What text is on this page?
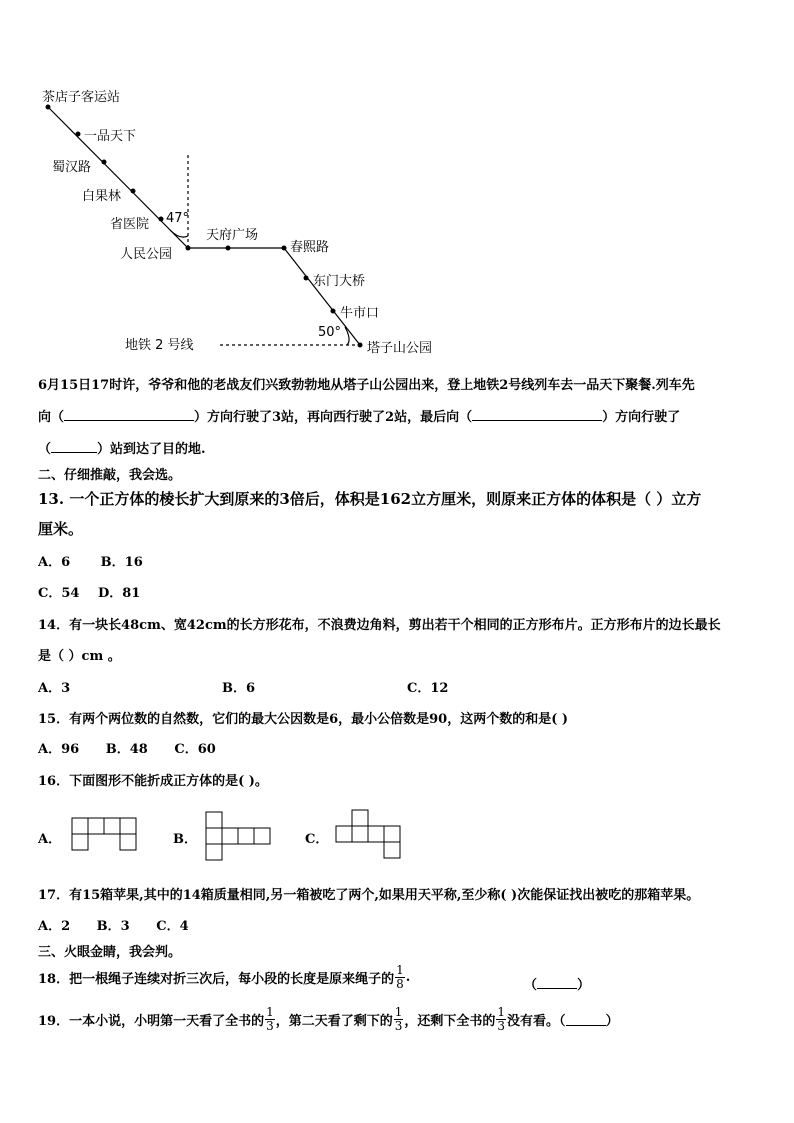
茶店子客运站
一品天下
蜀汉路
白果林
省医院 47°
人民公园
天府广场
春熙路
东门大桥
牛市口
50°
塔子山公园
地铁 2 号线
6月15日17时许，爷爷和他的老战友们兴致勃勃地从塔子山公园出来，登上地铁2号线列车去一品天下聚餐.列车先
向（	）方向行驶了3站，再向西行驶了2站，最后向（	）方向行驶了
（	）站到达了目的地.
二、仔细推敲，我会选。
13. 一个正方体的棱长扩大到原来的3倍后，体积是162立方厘米，则原来正方体的体积是（ ）立方
厘米。
A．6 B．16
C．54 D．81
14．有一块长48cm、宽42cm的长方形花布，不浪费边角料，剪出若干个相同的正方形布片。正方形布片的边长最长
是（ ）cm 。
A．3	B．6	C．12
15．有两个两位数的自然数，它们的最大公因数是6，最小公倍数是90，这两个数的和是( )
A．96 B．48 C．60
16．下面图形不能折成正方体的是( )。
A．	B．	C．
17．有15箱苹果,其中的14箱质量相同,另一箱被吃了两个,如果用天平称,至少称( )次能保证找出被吃的那箱苹果。
A．2 B．3 C．4
三、火眼金睛，我会判。
18．把一根绳子连续对折三次后，每小段的长度是原来绳子的 $\frac{1}{8}$ .
（	）
19．一本小说，小明第一天看了全书的 $\frac{1}{3}$ ，第二天看了剩下的 $\frac{1}{3}$ ，还剩下全书的 $\frac{1}{3}$ 没有看。（	）
